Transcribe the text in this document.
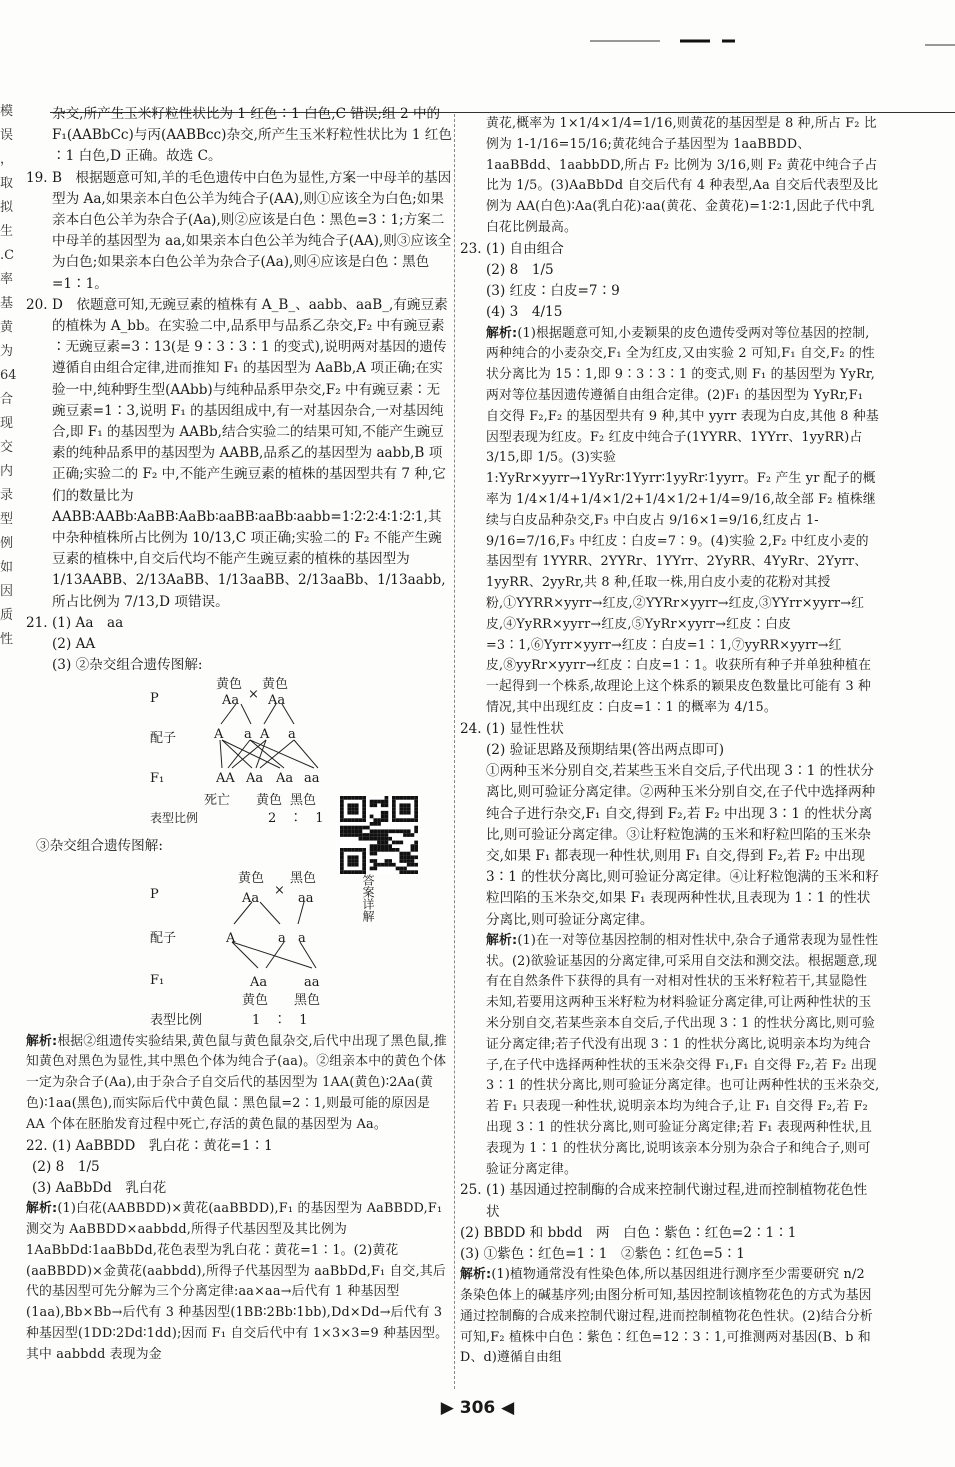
模
误
，取
拟
生
.C
率
基
黄
为
64
合
现
交
内
录
型
例
如
因
质
性

杂交,所产生玉米籽粒性状比为 1 红色∶1 白色,C 错误;组 2 中的 F₁(AABbCc)与丙(AABBcc)杂交,所产生玉米籽粒性状比为 1 红色∶1 白色,D 正确。故选 C。

19. B　根据题意可知,羊的毛色遗传中白色为显性,方案一中母羊的基因型为 Aa,如果亲本白色公羊为纯合子(AA),则①应该全为白色;如果亲本白色公羊为杂合子(Aa),则②应该是白色∶黑色=3∶1;方案二中母羊的基因型为 aa,如果亲本白色公羊为纯合子(AA),则③应该全为白色;如果亲本白色公羊为杂合子(Aa),则④应该是白色∶黑色=1∶1。

20. D　依题意可知,无豌豆素的植株有 A_B_、aabb、aaB_,有豌豆素的植株为 A_bb。在实验二中,品系甲与品系乙杂交,F₂ 中有豌豆素∶无豌豆素=3∶13(是 9∶3∶3∶1 的变式),说明两对基因的遗传遵循自由组合定律,进而推知 F₁ 的基因型为 AaBb,A 项正确;在实验一中,纯种野生型(AAbb)与纯种品系甲杂交,F₂ 中有豌豆素∶无豌豆素=1∶3,说明 F₁ 的基因组成中,有一对基因杂合,一对基因纯合,即 F₁ 的基因型为 AABb,结合实验二的结果可知,不能产生豌豆素的纯种品系甲的基因型为 AABB,品系乙的基因型为 aabb,B 项正确;实验二的 F₂ 中,不能产生豌豆素的植株的基因型共有 7 种,它们的数量比为 AABB∶AABb∶AaBB∶AaBb∶aaBB∶aaBb∶aabb=1∶2∶2∶4∶1∶2∶1,其中杂种植株所占比例为 10/13,C 项正确;实验二的 F₂ 不能产生豌豆素的植株中,自交后代均不能产生豌豆素的植株的基因型为 1/13AABB、2/13AaBB、1/13aaBB、2/13aaBb、1/13aabb,所占比例为 7/13,D 项错误。

21. (1) Aa　aa

(2) AA

(3) ②杂交组合遗传图解:

P
黄色 黄色
Aa × Aa
配子	A a A a
F₁	AA Aa Aa aa
死亡 黄色 黑色
表型比例	2　∶　1

③杂交组合遗传图解:

P
黄色 黑色
Aa
×
aa
配子	A	a a
F₁	Aa	aa
黄色 黑色
表型比例	1　∶　1

解析:根据②组遗传实验结果,黄色鼠与黄色鼠杂交,后代中出现了黑色鼠,推知黄色对黑色为显性,其中黑色个体为纯合子(aa)。②组亲本中的黄色个体一定为杂合子(Aa),由于杂合子自交后代的基因型为 1AA(黄色)∶2Aa(黄色)∶1aa(黑色),而实际后代中黄色鼠∶黑色鼠=2∶1,则最可能的原因是 AA 个体在胚胎发育过程中死亡,存活的黄色鼠的基因型为 Aa。

22. (1) AaBBDD　乳白花∶黄花=1∶1

(2) 8　1/5

(3) AaBbDd　乳白花

解析:(1)白花(AABBDD)×黄花(aaBBDD),F₁ 的基因型为 AaBBDD,F₁测交为 AaBBDD×aabbdd,所得子代基因型及其比例为 1AaBbDd∶1aaBbDd,花色表型为乳白花∶黄花=1∶1。(2)黄花(aaBBDD)×金黄花(aabbdd),所得子代基因型为 aaBbDd,F₁ 自交,其后代的基因型可先分解为三个分离定律:aa×aa→后代有 1 种基因型(1aa),Bb×Bb→后代有 3 种基因型(1BB∶2Bb∶1bb),Dd×Dd→后代有 3 种基因型(1DD∶2Dd∶1dd);因而 F₁ 自交后代中有 1×3×3=9 种基因型。其中 aabbdd 表现为金

答案详解

黄花,概率为 1×1/4×1/4=1/16,则黄花的基因型是 8 种,所占 F₂ 比例为 1-1/16=15/16;黄花纯合子基因型为 1aaBBDD、1aaBBdd、1aabbDD,所占 F₂ 比例为 3/16,则 F₂ 黄花中纯合子占比为 1/5。(3)AaBbDd 自交后代有 4 种表型,Aa 自交后代表型及比例为 AA(白色)∶Aa(乳白花)∶aa(黄花、金黄花)=1∶2∶1,因此子代中乳白花比例最高。

23. (1) 自由组合

(2) 8　1/5

(3) 红皮∶白皮=7∶9

(4) 3　4/15

解析:(1)根据题意可知,小麦颖果的皮色遗传受两对等位基因的控制,两种纯合的小麦杂交,F₁ 全为红皮,又由实验 2 可知,F₁ 自交,F₂ 的性状分离比为 15∶1,即 9∶3∶3∶1 的变式,则 F₁ 的基因型为 YyRr,两对等位基因遗传遵循自由组合定律。(2)F₁ 的基因型为 YyRr,F₁ 自交得 F₂,F₂ 的基因型共有 9 种,其中 yyrr 表现为白皮,其他 8 种基因型表现为红皮。F₂ 红皮中纯合子(1YYRR、1YYrr、1yyRR)占 3/15,即 1/5。(3)实验 1:YyRr×yyrr→1YyRr∶1Yyrr∶1yyRr∶1yyrr。F₂ 产生 yr 配子的概率为 1/4×1/4+1/4×1/2+1/4×1/2+1/4=9/16,故全部 F₂ 植株继续与白皮品种杂交,F₃ 中白皮占 9/16×1=9/16,红皮占 1-9/16=7/16,F₃ 中红皮∶白皮=7∶9。(4)实验 2,F₂ 中红皮小麦的基因型有 1YYRR、2YYRr、1YYrr、2YyRR、4YyRr、2Yyrr、1yyRR、2yyRr,共 8 种,任取一株,用白皮小麦的花粉对其授粉,①YYRR×yyrr→红皮,②YYRr×yyrr→红皮,③YYrr×yyrr→红皮,④YyRR×yyrr→红皮,⑤YyRr×yyrr→红皮∶白皮=3∶1,⑥Yyrr×yyrr→红皮∶白皮=1∶1,⑦yyRR×yyrr→红皮,⑧yyRr×yyrr→红皮∶白皮=1∶1。收获所有种子并单独种植在一起得到一个株系,故理论上这个株系的颖果皮色数量比可能有 3 种情况,其中出现红皮∶白皮=1∶1 的概率为 4/15。

24. (1) 显性性状

(2) 验证思路及预期结果(答出两点即可)

①两种玉米分别自交,若某些玉米自交后,子代出现 3∶1 的性状分离比,则可验证分离定律。②两种玉米分别自交,在子代中选择两种纯合子进行杂交,F₁ 自交,得到 F₂,若 F₂ 中出现 3∶1 的性状分离比,则可验证分离定律。③让籽粒饱满的玉米和籽粒凹陷的玉米杂交,如果 F₁ 都表现一种性状,则用 F₁ 自交,得到 F₂,若 F₂ 中出现 3∶1 的性状分离比,则可验证分离定律。④让籽粒饱满的玉米和籽粒凹陷的玉米杂交,如果 F₁ 表现两种性状,且表现为 1∶1 的性状分离比,则可验证分离定律。

解析:(1)在一对等位基因控制的相对性状中,杂合子通常表现为显性性状。(2)欲验证基因的分离定律,可采用自交法和测交法。根据题意,现有在自然条件下获得的具有一对相对性状的玉米籽粒若干,其显隐性未知,若要用这两种玉米籽粒为材料验证分离定律,可让两种性状的玉米分别自交,若某些亲本自交后,子代出现 3∶1 的性状分离比,则可验证分离定律;若子代没有出现 3∶1 的性状分离比,说明亲本均为纯合子,在子代中选择两种性状的玉米杂交得 F₁,F₁ 自交得 F₂,若 F₂ 出现 3∶1 的性状分离比,则可验证分离定律。也可让两种性状的玉米杂交,若 F₁ 只表现一种性状,说明亲本均为纯合子,让 F₁ 自交得 F₂,若 F₂ 出现 3∶1 的性状分离比,则可验证分离定律;若 F₁ 表现两种性状,且表现为 1∶1 的性状分离比,说明该亲本分别为杂合子和纯合子,则可验证分离定律。

25. (1) 基因通过控制酶的合成来控制代谢过程,进而控制植物花色性状

(2) BBDD 和 bbdd　两　白色∶紫色∶红色=2∶1∶1

(3) ①紫色∶红色=1∶1　②紫色∶红色=5∶1

解析:(1)植物通常没有性染色体,所以基因组进行测序至少需要研究 n/2 条染色体上的碱基序列;由图分析可知,基因控制该植物花色的方式为基因通过控制酶的合成来控制代谢过程,进而控制植物花色性状。(2)结合分析可知,F₂ 植株中白色∶紫色∶红色=12∶3∶1,可推测两对基因(B、b 和 D、d)遵循自由组

▶ 306 ◀
